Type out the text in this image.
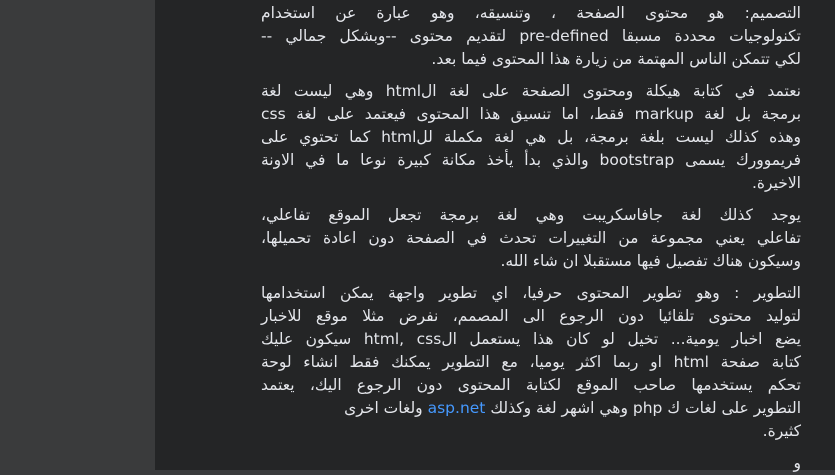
التصميم: هو محتوى الصفحة ، وتنسيقه، وهو عبارة عن استخدام
تكنولوجيات محددة مسبقا pre-defined لتقديم محتوى --وبشكل جمالي --
لكي تتمكن الناس المهتمة من زيارة هذا المحتوى فيما بعد.

نعتمد في كتابة هيكلة ومحتوى الصفحة على لغة الhtml وهي ليست لغة
برمجة بل لغة markup فقط، اما تنسيق هذا المحتوى فيعتمد على لغة css
وهذه كذلك ليست بلغة برمجة، بل هي لغة مكملة للhtml كما تحتوي على
فريموورك يسمى bootstrap والذي بدأ يأخذ مكانة كبيرة نوعا ما في الاونة
الاخيرة.

يوجد كذلك لغة جافاسكريبت وهي لغة برمجة تجعل الموقع تفاعلي،
تفاعلي يعني مجموعة من التغييرات تحدث في الصفحة دون اعادة تحميلها،
وسيكون هناك تفصيل فيها مستقبلا ان شاء الله.

التطوير : وهو تطوير المحتوى حرفيا، اي تطوير واجهة يمكن استخدامها
لتوليد محتوى تلقائيا دون الرجوع الى المصمم، نفرض مثلا موقع للاخبار
يضع اخبار يومية... تخيل لو كان هذا يستعمل الhtml, css سيكون عليك
كتابة صفحة html او ربما اكثر يوميا، مع التطوير يمكنك فقط انشاء لوحة
تحكم يستخدمها صاحب الموقع لكتابة المحتوى دون الرجوع اليك، يعتمد
التطوير على لغات ك php وهي اشهر لغة وكذلك asp.net ولغات اخرى
كثيرة.

و
